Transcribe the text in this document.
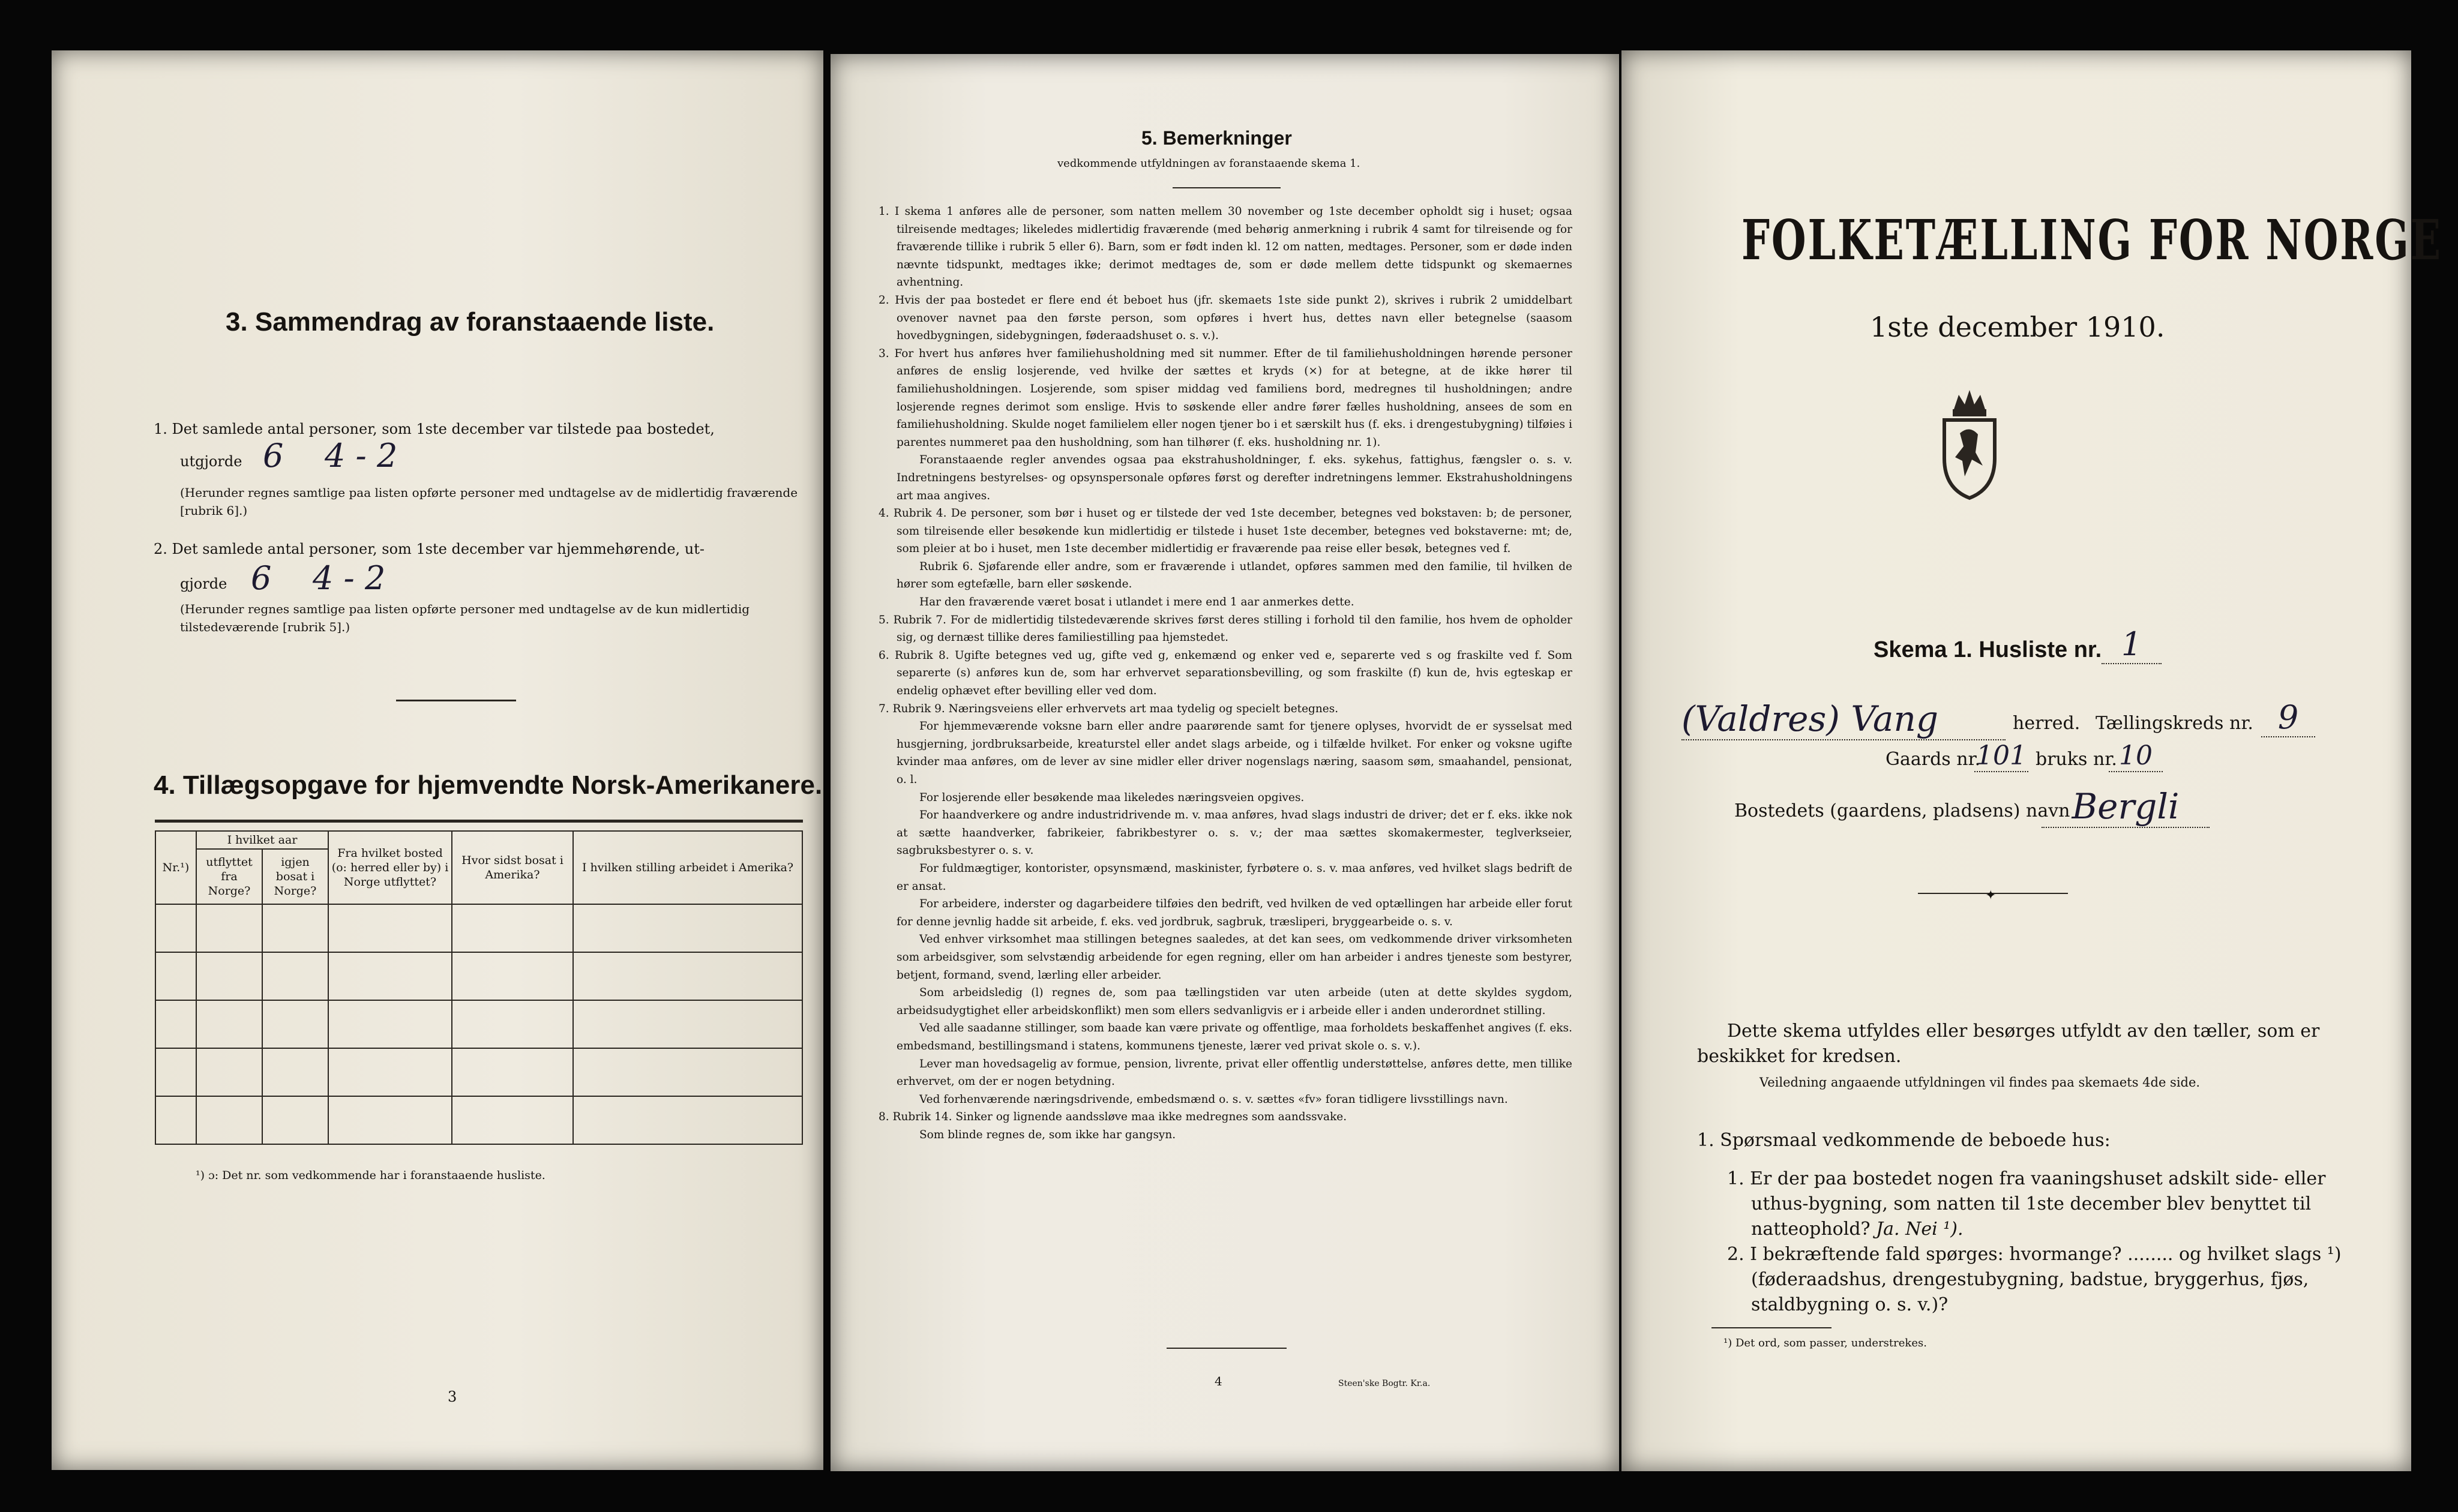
3. Sammendrag av foranstaaende liste.
1. Det samlede antal personer, som 1ste december var tilstede paa bostedet,
utgjorde 6    4 - 2
(Herunder regnes samtlige paa listen opførte personer med undtagelse av de midlertidig fraværende [rubrik 6].)
2. Det samlede antal personer, som 1ste december var hjemmehørende, ut-
gjorde 6    4 - 2
(Herunder regnes samtlige paa listen opførte personer med undtagelse av de kun midlertidig tilstedeværende [rubrik 5].)
4. Tillægsopgave for hjemvendte Norsk-Amerikanere.
Nr.¹)	I hvilket aar		Fra hvilket bosted (o: herred eller by) i Norge utflyttet?	Hvor sidst bosat i Amerika?	I hvilken stilling arbeidet i Amerika?
	utflyttet fra Norge?	igjen bosat i Norge?			

¹) ɔ: Det nr. som vedkommende har i foranstaaende husliste.
3
5. Bemerkninger
vedkommende utfyldningen av foranstaaende skema 1.

1. I skema 1 anføres alle de personer, som natten mellem 30 november og 1ste december opholdt sig i huset; ogsaa tilreisende medtages; likeledes midlertidig fraværende (med behørig anmerkning i rubrik 4 samt for tilreisende og for fraværende tillike i rubrik 5 eller 6). Barn, som er født inden kl. 12 om natten, medtages. Personer, som er døde inden nævnte tidspunkt, medtages ikke; derimot medtages de, som er døde mellem dette tidspunkt og skemaernes avhentning.

2. Hvis der paa bostedet er flere end ét beboet hus (jfr. skemaets 1ste side punkt 2), skrives i rubrik 2 umiddelbart ovenover navnet paa den første person, som opføres i hvert hus, dettes navn eller betegnelse (saasom hovedbygningen, sidebygningen, føderaadshuset o. s. v.).

3. For hvert hus anføres hver familiehusholdning med sit nummer. Efter de til familiehusholdningen hørende personer anføres de enslig losjerende, ved hvilke der sættes et kryds (×) for at betegne, at de ikke hører til familiehusholdningen. Losjerende, som spiser middag ved familiens bord, medregnes til husholdningen; andre losjerende regnes derimot som enslige. Hvis to søskende eller andre fører fælles husholdning, ansees de som en familiehusholdning. Skulde noget familielem eller nogen tjener bo i et særskilt hus (f. eks. i drengestubygning) tilføies i parentes nummeret paa den husholdning, som han tilhører (f. eks. husholdning nr. 1).

Foranstaaende regler anvendes ogsaa paa ekstrahusholdninger, f. eks. sykehus, fattighus, fængsler o. s. v. Indretningens bestyrelses- og opsynspersonale opføres først og derefter indretningens lemmer. Ekstrahusholdningens art maa angives.

4. Rubrik 4. De personer, som bør i huset og er tilstede der ved 1ste december, betegnes ved bokstaven: b; de personer, som tilreisende eller besøkende kun midlertidig er tilstede i huset 1ste december, betegnes ved bokstaverne: mt; de, som pleier at bo i huset, men 1ste december midlertidig er fraværende paa reise eller besøk, betegnes ved f.

Rubrik 6. Sjøfarende eller andre, som er fraværende i utlandet, opføres sammen med den familie, til hvilken de hører som egtefælle, barn eller søskende.

Har den fraværende været bosat i utlandet i mere end 1 aar anmerkes dette.

5. Rubrik 7. For de midlertidig tilstedeværende skrives først deres stilling i forhold til den familie, hos hvem de opholder sig, og dernæst tillike deres familiestilling paa hjemstedet.

6. Rubrik 8. Ugifte betegnes ved ug, gifte ved g, enkemænd og enker ved e, separerte ved s og fraskilte ved f. Som separerte (s) anføres kun de, som har erhvervet separationsbevilling, og som fraskilte (f) kun de, hvis egteskap er endelig ophævet efter bevilling eller ved dom.

7. Rubrik 9. Næringsveiens eller erhvervets art maa tydelig og specielt betegnes.

For hjemmeværende voksne barn eller andre paarørende samt for tjenere oplyses, hvorvidt de er sysselsat med husgjerning, jordbruksarbeide, kreaturstel eller andet slags arbeide, og i tilfælde hvilket. For enker og voksne ugifte kvinder maa anføres, om de lever av sine midler eller driver nogenslags næring, saasom søm, smaahandel, pensionat, o. l.

For losjerende eller besøkende maa likeledes næringsveien opgives.

For haandverkere og andre industridrivende m. v. maa anføres, hvad slags industri de driver; det er f. eks. ikke nok at sætte haandverker, fabrikeier, fabrikbestyrer o. s. v.; der maa sættes skomakermester, teglverkseier, sagbruksbestyrer o. s. v.

For fuldmægtiger, kontorister, opsynsmænd, maskinister, fyrbøtere o. s. v. maa anføres, ved hvilket slags bedrift de er ansat.

For arbeidere, inderster og dagarbeidere tilføies den bedrift, ved hvilken de ved optællingen har arbeide eller forut for denne jevnlig hadde sit arbeide, f. eks. ved jordbruk, sagbruk, træsliperi, bryggearbeide o. s. v.

Ved enhver virksomhet maa stillingen betegnes saaledes, at det kan sees, om vedkommende driver virksomheten som arbeidsgiver, som selvstændig arbeidende for egen regning, eller om han arbeider i andres tjeneste som bestyrer, betjent, formand, svend, lærling eller arbeider.

Som arbeidsledig (l) regnes de, som paa tællingstiden var uten arbeide (uten at dette skyldes sygdom, arbeidsudygtighet eller arbeidskonflikt) men som ellers sedvanligvis er i arbeide eller i anden underordnet stilling.

Ved alle saadanne stillinger, som baade kan være private og offentlige, maa forholdets beskaffenhet angives (f. eks. embedsmand, bestillingsmand i statens, kommunens tjeneste, lærer ved privat skole o. s. v.).

Lever man hovedsagelig av formue, pension, livrente, privat eller offentlig understøttelse, anføres dette, men tillike erhvervet, om der er nogen betydning.

Ved forhenværende næringsdrivende, embedsmænd o. s. v. sættes «fv» foran tidligere livsstillings navn.

8. Rubrik 14. Sinker og lignende aandssløve maa ikke medregnes som aandssvake.

Som blinde regnes de, som ikke har gangsyn.

4	Steen'ske Bogtr. Kr.a.
FOLKETÆLLING FOR NORGE
1ste december 1910.
Skema 1. Husliste nr. 1
(Valdres) Vang	herred. Tællingskreds nr. 9
Gaards nr.
101 bruks nr. 10
Bostedets (gaardens, pladsens) navn Bergli
✦
Dette skema utfyldes eller besørges utfyldt av den tæller, som er beskikket for kredsen.
Veiledning angaaende utfyldningen vil findes paa skemaets 4de side.
1. Spørsmaal vedkommende de beboede hus:
1. Er der paa bostedet nogen fra vaaningshuset adskilt side- eller uthus-bygning, som natten til 1ste december blev benyttet til natteophold? Ja. Nei ¹).
2. I bekræftende fald spørges: hvormange? ........ og hvilket slags ¹) (føderaadshus, drengestubygning, badstue, bryggerhus, fjøs, staldbygning o. s. v.)?
¹) Det ord, som passer, understrekes.
